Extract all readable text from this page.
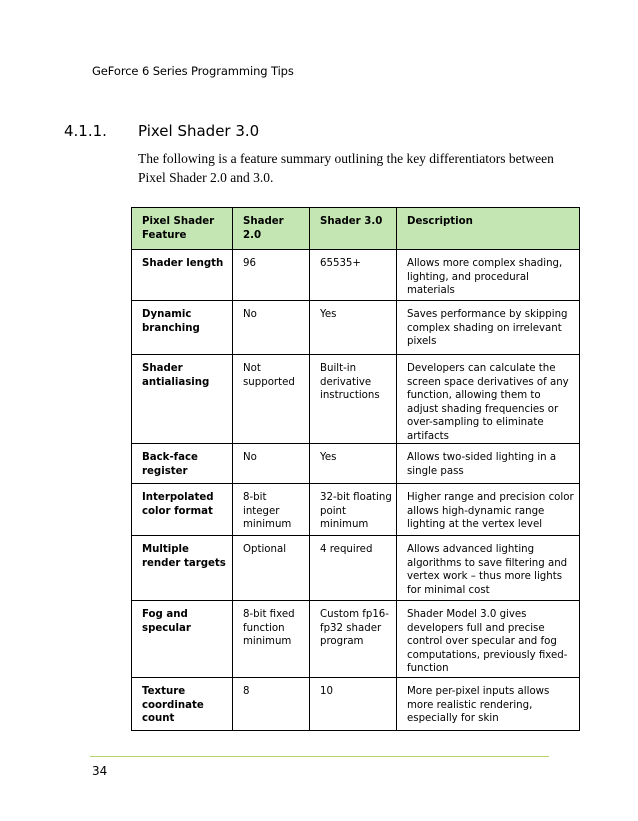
GeForce 6 Series Programming Tips
4.1.1. Pixel Shader 3.0
The following is a feature summary outlining the key differentiators between Pixel Shader 2.0 and 3.0.
Pixel Shader Feature	Shader 2.0	Shader 3.0	Description
Shader length	96	65535+	Allows more complex shading, lighting, and procedural materials
Dynamic branching	No	Yes	Saves performance by skipping complex shading on irrelevant pixels
Shader antialiasing	Not supported	Built-in derivative instructions	Developers can calculate the screen space derivatives of any function, allowing them to adjust shading frequencies or over-sampling to eliminate artifacts
Back-face register	No	Yes	Allows two-sided lighting in a single pass
Interpolated color format	8-bit integer minimum	32-bit floating point minimum	Higher range and precision color allows high-dynamic range lighting at the vertex level
Multiple render targets	Optional	4 required	Allows advanced lighting algorithms to save filtering and vertex work – thus more lights for minimal cost
Fog and specular	8-bit fixed function minimum	Custom fp16-fp32 shader program	Shader Model 3.0 gives developers full and precise control over specular and fog computations, previously fixed-function
Texture coordinate count	8	10	More per-pixel inputs allows more realistic rendering, especially for skin
34
